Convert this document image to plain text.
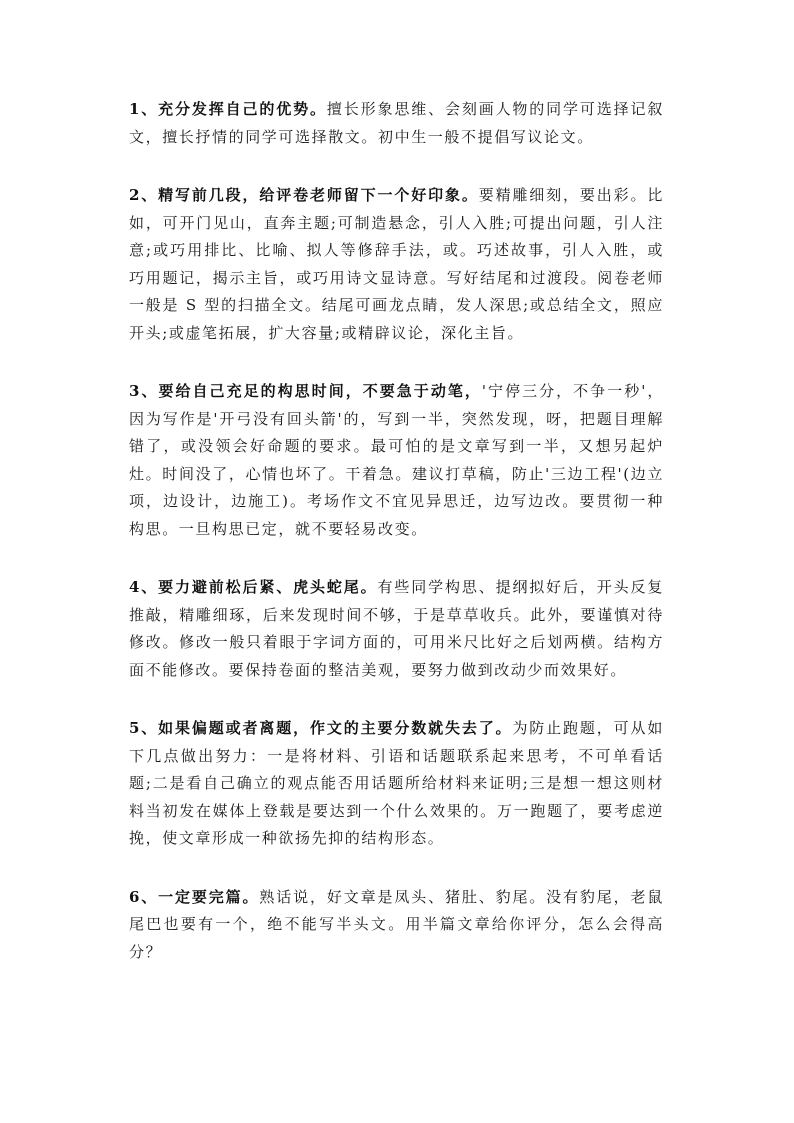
1、充分发挥自己的优势。擅长形象思维、会刻画人物的同学可选择记叙文，擅长抒情的同学可选择散文。初中生一般不提倡写议论文。

2、精写前几段，给评卷老师留下一个好印象。要精雕细刻，要出彩。比如，可开门见山，直奔主题;可制造悬念，引人入胜;可提出问题，引人注意;或巧用排比、比喻、拟人等修辞手法，或。巧述故事，引人入胜，或巧用题记，揭示主旨，或巧用诗文显诗意。写好结尾和过渡段。阅卷老师一般是 S 型的扫描全文。结尾可画龙点睛，发人深思;或总结全文，照应开头;或虚笔拓展，扩大容量;或精辟议论，深化主旨。

3、要给自己充足的构思时间，不要急于动笔，'宁停三分，不争一秒'，因为写作是'开弓没有回头箭'的，写到一半，突然发现，呀，把题目理解错了，或没领会好命题的要求。最可怕的是文章写到一半，又想另起炉灶。时间没了，心情也坏了。干着急。建议打草稿，防止'三边工程'(边立项，边设计，边施工)。考场作文不宜见异思迁，边写边改。要贯彻一种构思。一旦构思已定，就不要轻易改变。

4、要力避前松后紧、虎头蛇尾。有些同学构思、提纲拟好后，开头反复推敲，精雕细琢，后来发现时间不够，于是草草收兵。此外，要谨慎对待修改。修改一般只着眼于字词方面的，可用米尺比好之后划两横。结构方面不能修改。要保持卷面的整洁美观，要努力做到改动少而效果好。

5、如果偏题或者离题，作文的主要分数就失去了。为防止跑题，可从如下几点做出努力：一是将材料、引语和话题联系起来思考，不可单看话题;二是看自己确立的观点能否用话题所给材料来证明;三是想一想这则材料当初发在媒体上登载是要达到一个什么效果的。万一跑题了，要考虑逆挽，使文章形成一种欲扬先抑的结构形态。

6、一定要完篇。熟话说，好文章是凤头、猪肚、豹尾。没有豹尾，老鼠尾巴也要有一个，绝不能写半头文。用半篇文章给你评分，怎么会得高分？
